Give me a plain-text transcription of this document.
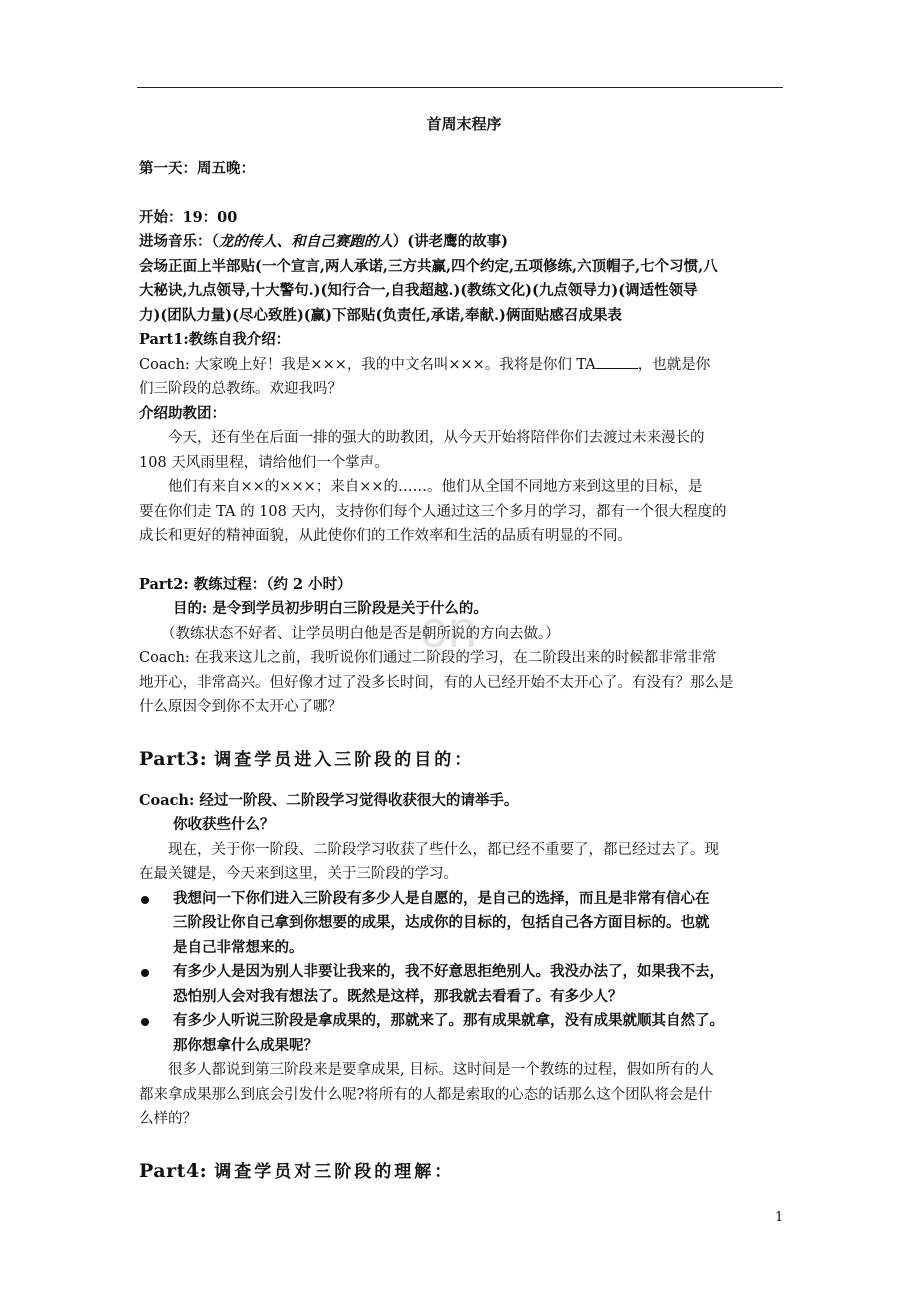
cn

首周末程序

第一天：周五晚：

开始：19：00

进场音乐：（龙的传人、和自己赛跑的人）(讲老鹰的故事)

会场正面上半部贴(一个宣言,两人承诺,三方共赢,四个约定,五项修练,六顶帽子,七个习惯,八

大秘诀,九点领导,十大警句.)(知行合一,自我超越.)(教练文化)(九点领导力)(调适性领导

力)(团队力量)(尽心致胜)(赢)下部贴(负责任,承诺,奉献.)俩面贴感召成果表

Part1:教练自我介绍：

Coach: 大家晚上好！我是×××，我的中文名叫×××。我将是你们 TA	，也就是你

们三阶段的总教练。欢迎我吗？

介绍助教团：

今天，还有坐在后面一排的强大的助教团，从今天开始将陪伴你们去渡过未来漫长的

108 天风雨里程，请给他们一个掌声。

他们有来自××的×××；来自××的……。他们从全国不同地方来到这里的目标，是

要在你们走 TA 的 108 天内，支持你们每个人通过这三个多月的学习，都有一个很大程度的

成长和更好的精神面貌，从此使你们的工作效率和生活的品质有明显的不同。

Part2: 教练过程：（约 2 小时）

目的: 是令到学员初步明白三阶段是关于什么的。

（教练状态不好者、让学员明白他是否是朝所说的方向去做。）

Coach: 在我来这儿之前，我听说你们通过二阶段的学习，在二阶段出来的时候都非常非常

地开心，非常高兴。但好像才过了没多长时间，有的人已经开始不太开心了。有没有？那么是

什么原因令到你不太开心了哪？

Part3: 调查学员进入三阶段的目的：

Coach: 经过一阶段、二阶段学习觉得收获很大的请举手。

你收获些什么？

现在，关于你一阶段、二阶段学习收获了些什么，都已经不重要了，都已经过去了。现

在最关键是，今天来到这里，关于三阶段的学习。

我想问一下你们进入三阶段有多少人是自愿的，是自己的选择，而且是非常有信心在

三阶段让你自己拿到你想要的成果，达成你的目标的，包括自己各方面目标的。也就

是自己非常想来的。

有多少人是因为别人非要让我来的，我不好意思拒绝别人。我没办法了，如果我不去，

恐怕别人会对我有想法了。既然是这样，那我就去看看了。有多少人？

有多少人听说三阶段是拿成果的，那就来了。那有成果就拿，没有成果就顺其自然了。

那你想拿什么成果呢？

很多人都说到第三阶段来是要拿成果, 目标。这时间是一个教练的过程，假如所有的人

都来拿成果那么到底会引发什么呢?将所有的人都是索取的心态的话那么这个团队将会是什

么样的？

Part4: 调查学员对三阶段的理解：

1
